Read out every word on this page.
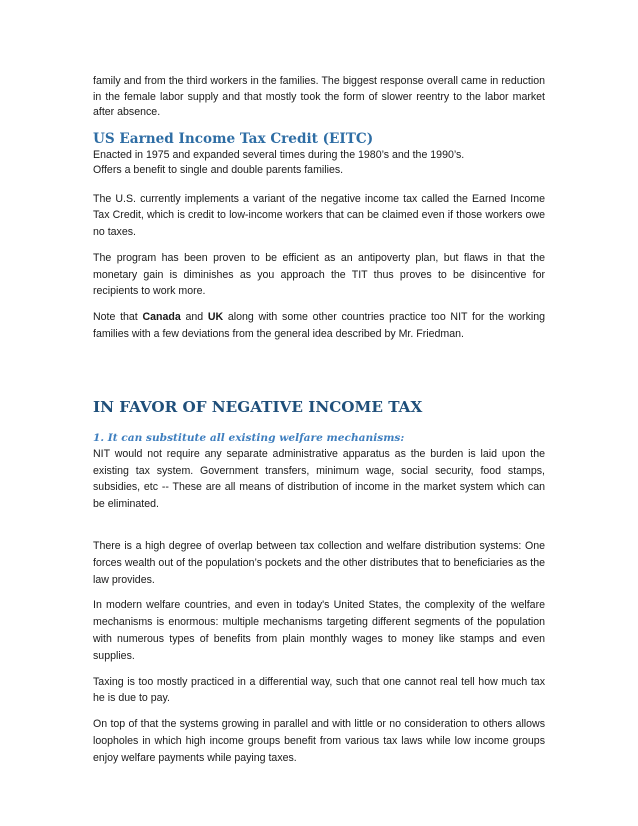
family and from the third workers in the families. The biggest response overall came in reduction in the female labor supply and that mostly took the form of slower reentry to the labor market after absence.

US Earned Income Tax Credit (EITC)

Enacted in 1975 and expanded several times during the 1980’s and the 1990’s.

Offers a benefit to single and double parents families.

The U.S. currently implements a variant of the negative income tax called the Earned Income Tax Credit, which is credit to low-income workers that can be claimed even if those workers owe no taxes.

The program has been proven to be efficient as an antipoverty plan, but flaws in that the monetary gain is diminishes as you approach the TIT thus proves to be disincentive for recipients to work more.

Note that Canada and UK along with some other countries practice too NIT for the working families with a few deviations from the general idea described by Mr. Friedman.

IN FAVOR OF NEGATIVE INCOME TAX
1. It can substitute all existing welfare mechanisms:

NIT would not require any separate administrative apparatus as the burden is laid upon the existing tax system. Government transfers, minimum wage, social security, food stamps, subsidies, etc -- These are all means of distribution of income in the market system which can be eliminated.

There is a high degree of overlap between tax collection and welfare distribution systems: One forces wealth out of the population’s pockets and the other distributes that to beneficiaries as the law provides.

In modern welfare countries, and even in today's United States, the complexity of the welfare mechanisms is enormous: multiple mechanisms targeting different segments of the population with numerous types of benefits from plain monthly wages to money like stamps and even supplies.

Taxing is too mostly practiced in a differential way, such that one cannot real tell how much tax he is due to pay.

On top of that the systems growing in parallel and with little or no consideration to others allows loopholes in which high income groups benefit from various tax laws while low income groups enjoy welfare payments while paying taxes.
